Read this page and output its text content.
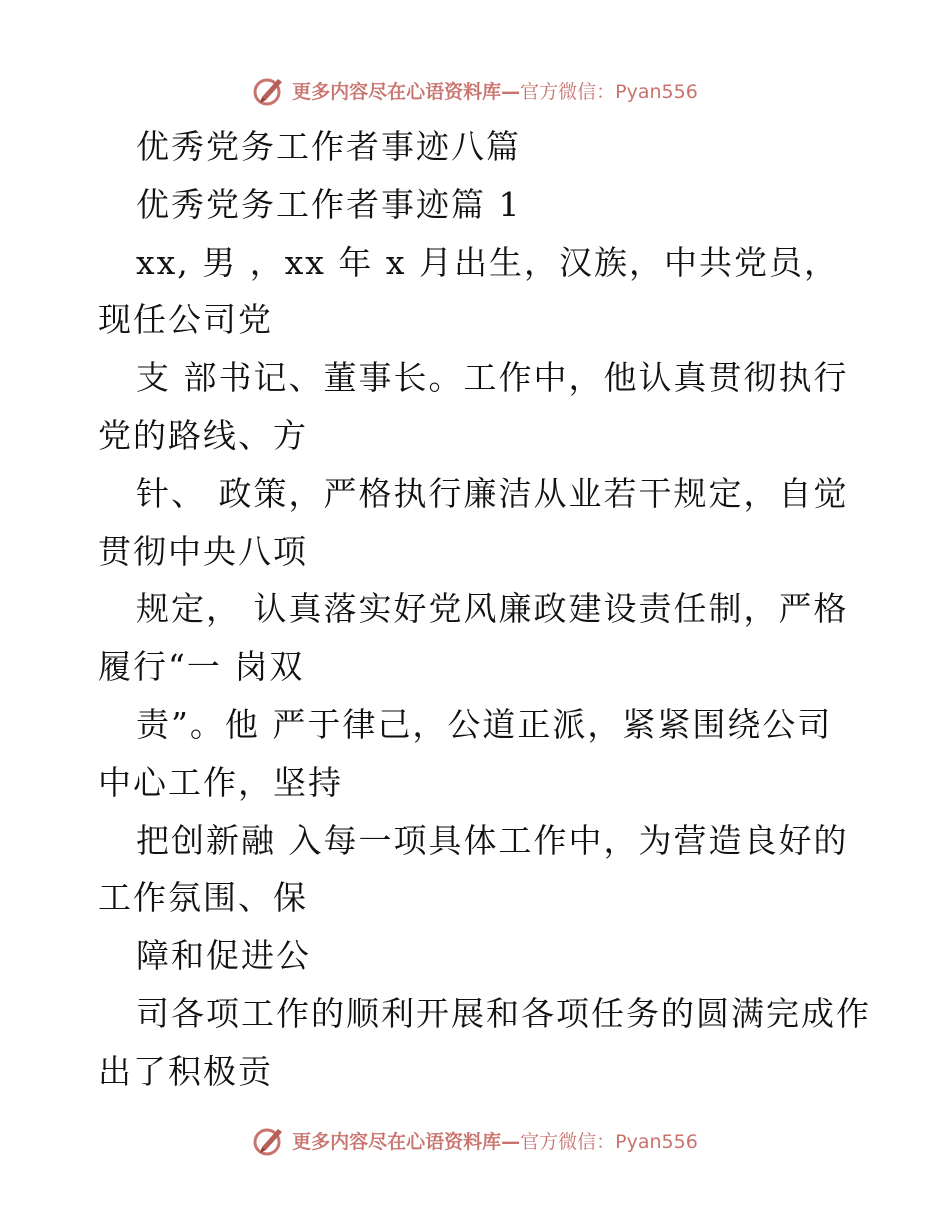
更多内容尽在心语资料库—官方微信：Pyan556
优秀党务工作者事迹八篇
优秀党务工作者事迹篇 1
xx, 男 ，xx 年 x 月出生，汉族，中共党员，
现任公司党
支 部书记、董事长。工作中，他认真贯彻执行
党的路线、方
针、 政策，严格执行廉洁从业若干规定，自觉
贯彻中央八项
规定， 认真落实好党风廉政建设责任制，严格
履行“一 岗双
责”。他 严于律己，公道正派，紧紧围绕公司
中心工作，坚持
把创新融 入每一项具体工作中，为营造良好的
工作氛围、保
障和促进公
司各项工作的顺利开展和各项任务的圆满完成作
出了积极贡
更多内容尽在心语资料库—官方微信：Pyan556
